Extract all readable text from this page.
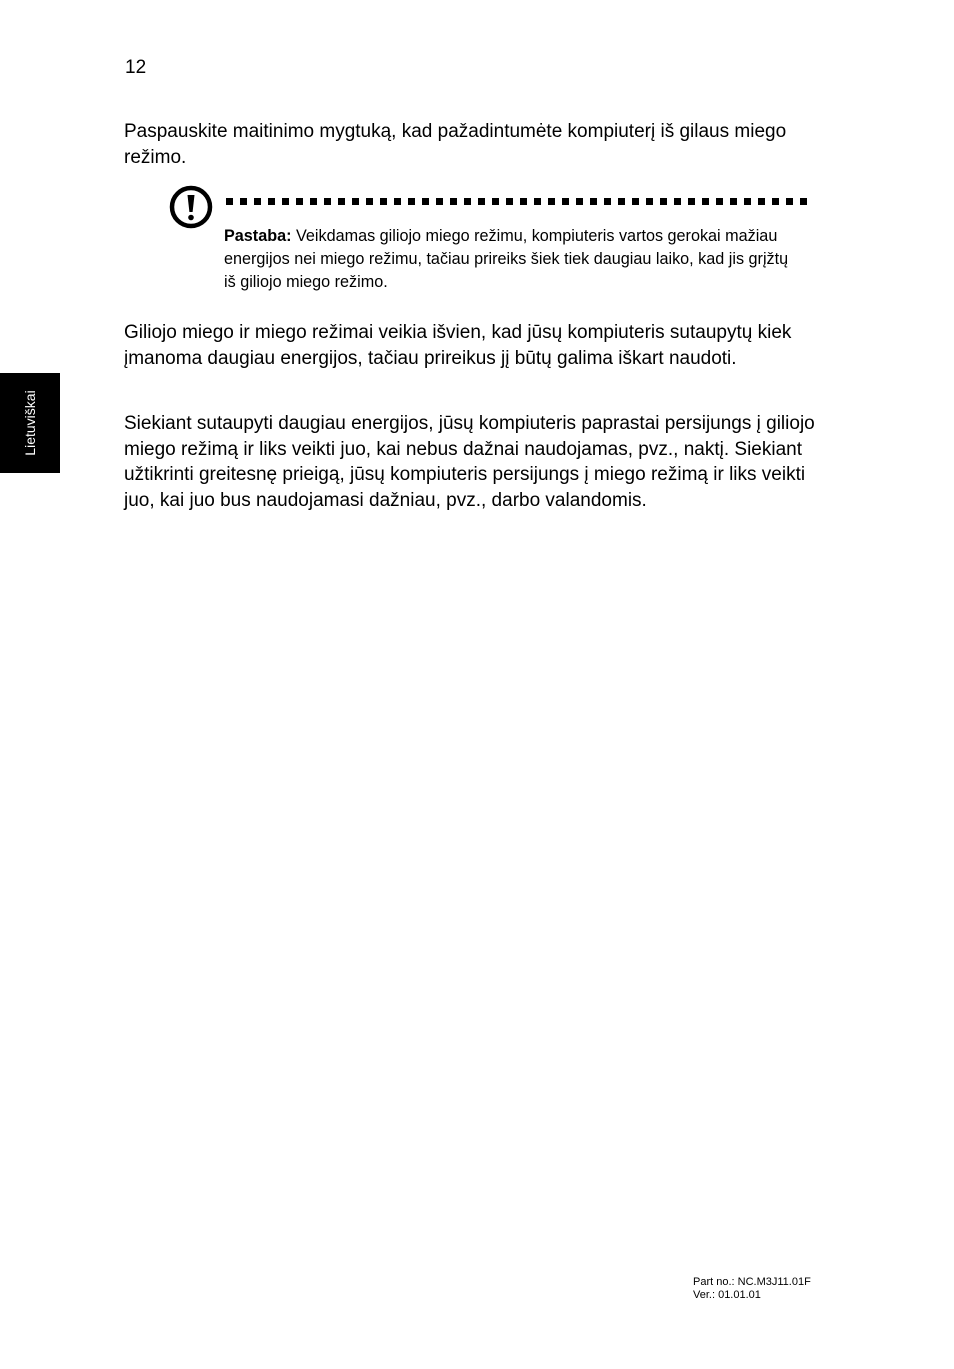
12

Paspauskite maitinimo mygtuką, kad pažadintumėte kompiuterį iš gilaus miego režimo.

Pastaba: Veikdamas giliojo miego režimu, kompiuteris vartos gerokai mažiau energijos nei miego režimu, tačiau prireiks šiek tiek daugiau laiko, kad jis grįžtų iš giliojo miego režimo.

Giliojo miego ir miego režimai veikia išvien, kad jūsų kompiuteris sutaupytų kiek įmanoma daugiau energijos, tačiau prireikus jį būtų galima iškart naudoti.

Siekiant sutaupyti daugiau energijos, jūsų kompiuteris paprastai persijungs į giliojo miego režimą ir liks veikti juo, kai nebus dažnai naudojamas, pvz., naktį. Siekiant užtikrinti greitesnę prieigą, jūsų kompiuteris persijungs į miego režimą ir liks veikti juo, kai juo bus naudojamasi dažniau, pvz., darbo valandomis.

Lietuviškai
Part no.: NC.M3J11.01F
Ver.: 01.01.01
